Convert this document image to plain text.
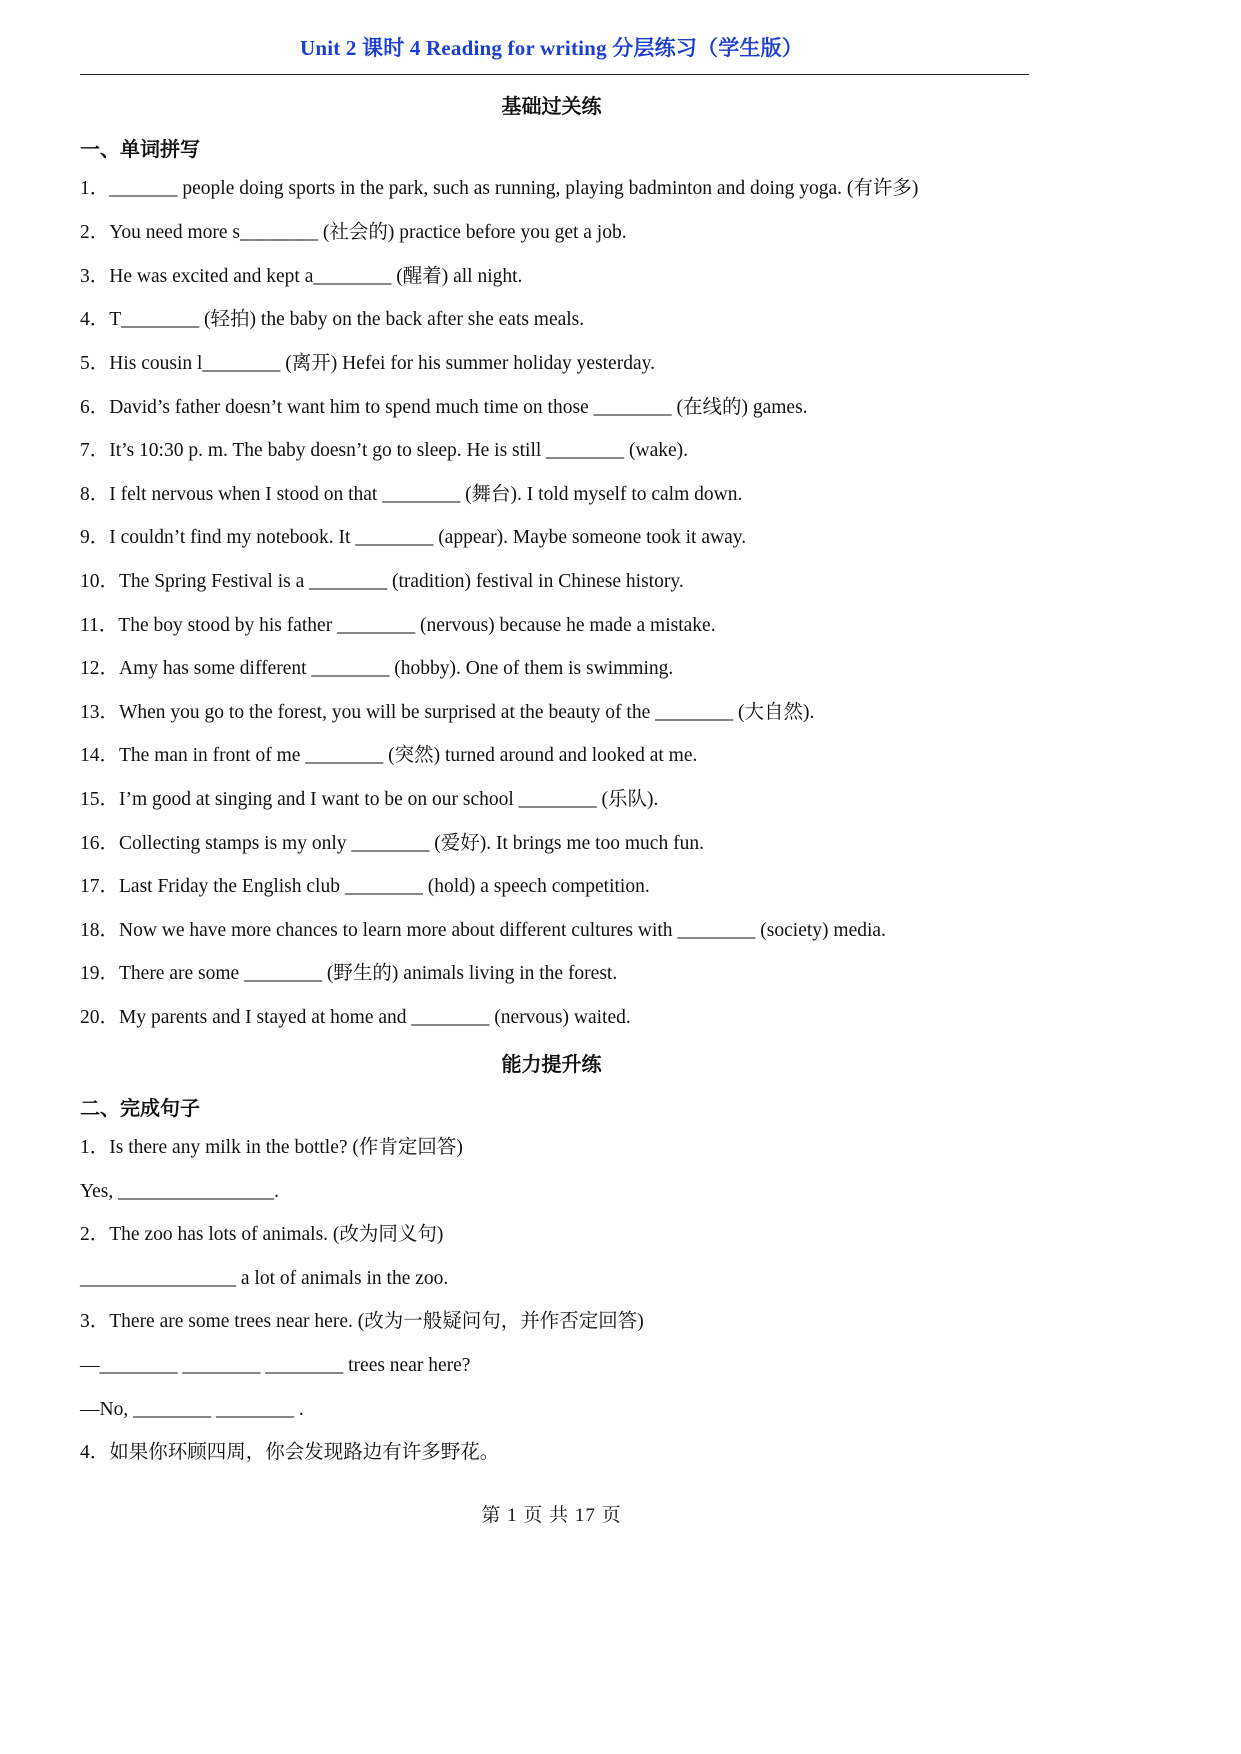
Unit 2 课时 4 Reading for writing 分层练习（学生版）
基础过关练
一、单词拼写
1．_______ people doing sports in the park, such as running, playing badminton and doing yoga. (有许多)
2．You need more s________ (社会的) practice before you get a job.
3．He was excited and kept a________ (醒着) all night.
4．T________ (轻拍) the baby on the back after she eats meals.
5．His cousin l________ (离开) Hefei for his summer holiday yesterday.
6．David’s father doesn’t want him to spend much time on those ________ (在线的) games.
7．It’s 10:30 p. m. The baby doesn’t go to sleep. He is still ________ (wake).
8．I felt nervous when I stood on that ________ (舞台). I told myself to calm down.
9．I couldn’t find my notebook. It ________ (appear). Maybe someone took it away.
10．The Spring Festival is a ________ (tradition) festival in Chinese history.
11．The boy stood by his father ________ (nervous) because he made a mistake.
12．Amy has some different ________ (hobby). One of them is swimming.
13．When you go to the forest, you will be surprised at the beauty of the ________ (大自然).
14．The man in front of me ________ (突然) turned around and looked at me.
15．I’m good at singing and I want to be on our school ________ (乐队).
16．Collecting stamps is my only ________ (爱好). It brings me too much fun.
17．Last Friday the English club ________ (hold) a speech competition.
18．Now we have more chances to learn more about different cultures with ________ (society) media.
19．There are some ________ (野生的) animals living in the forest.
20．My parents and I stayed at home and ________ (nervous) waited.
能力提升练
二、完成句子
1．Is there any milk in the bottle? (作肯定回答)
Yes, ________________.
2．The zoo has lots of animals. (改为同义句)
________________ a lot of animals in the zoo.
3．There are some trees near here. (改为一般疑问句，并作否定回答)
—________ ________ ________ trees near here?
—No, ________ ________ .
4．如果你环顾四周，你会发现路边有许多野花。
第 1 页 共 17 页
